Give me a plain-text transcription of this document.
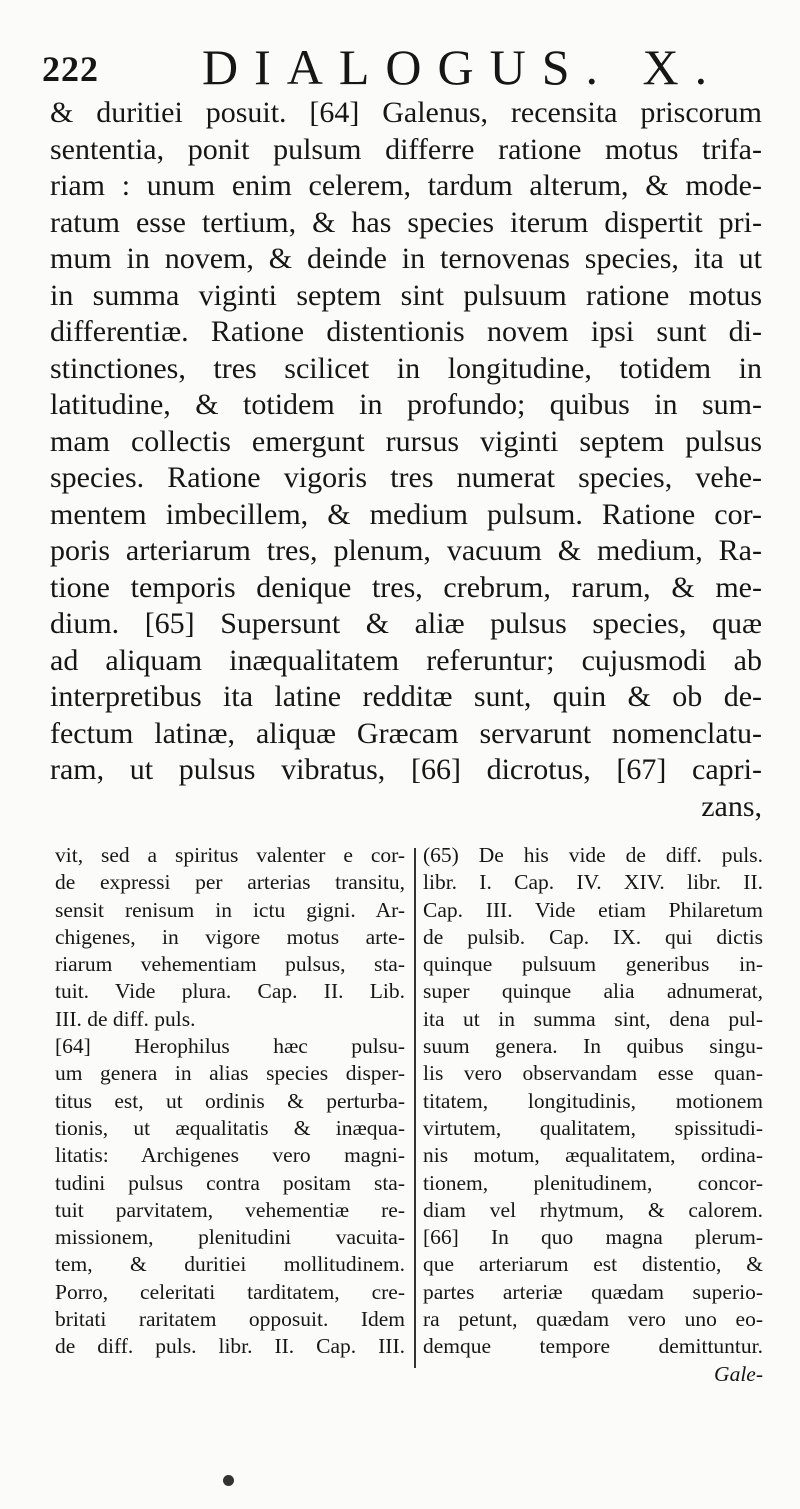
222 DIALOGUS. X.
& duritiei posuit. [64] Galenus, recensita priscorum
sententia, ponit pulsum differre ratione motus trifa-
riam : unum enim celerem, tardum alterum, & mode-
ratum esse tertium, & has species iterum dispertit pri-
mum in novem, & deinde in ternovenas species, ita ut
in summa viginti septem sint pulsuum ratione motus
differentiæ. Ratione distentionis novem ipsi sunt di-
stinctiones, tres scilicet in longitudine, totidem in
latitudine, & totidem in profundo; quibus in sum-
mam collectis emergunt rursus viginti septem pulsus
species. Ratione vigoris tres numerat species, vehe-
mentem imbecillem, & medium pulsum. Ratione cor-
poris arteriarum tres, plenum, vacuum & medium, Ra-
tione temporis denique tres, crebrum, rarum, & me-
dium. [65] Supersunt & aliæ pulsus species, quæ
ad aliquam inæqualitatem referuntur; cujusmodi ab
interpretibus ita latine redditæ sunt, quin & ob de-
fectum latinæ, aliquæ Græcam servarunt nomenclatu-
ram, ut pulsus vibratus, [66] dicrotus, [67] capri-
zans,
vit, sed a spiritus valenter e cor-
de expressi per arterias transitu,
sensit renisum in ictu gigni. Ar-
chigenes, in vigore motus arte-
riarum vehementiam pulsus, sta-
tuit. Vide plura. Cap. II. Lib.
III. de diff. puls.
[64] Herophilus hæc pulsu-
um genera in alias species disper-
titus est, ut ordinis & perturba-
tionis, ut æqualitatis & inæqua-
litatis: Archigenes vero magni-
tudini pulsus contra positam sta-
tuit parvitatem, vehementiæ re-
missionem, plenitudini vacuita-
tem, & duritiei mollitudinem.
Porro, celeritati tarditatem, cre-
britati raritatem opposuit. Idem
de diff. puls. libr. II. Cap. III.
(65) De his vide de diff. puls.
libr. I. Cap. IV. XIV. libr. II.
Cap. III. Vide etiam Philaretum
de pulsib. Cap. IX. qui dictis
quinque pulsuum generibus in-
super quinque alia adnumerat,
ita ut in summa sint, dena pul-
suum genera. In quibus singu-
lis vero observandam esse quan-
titatem, longitudinis, motionem
virtutem, qualitatem, spissitudi-
nis motum, æqualitatem, ordina-
tionem, plenitudinem, concor-
diam vel rhytmum, & calorem.
[66] In quo magna plerum-
que arteriarum est distentio, &
partes arteriæ quædam superio-
ra petunt, quædam vero uno eo-
demque tempore demittuntur.
Gale-
